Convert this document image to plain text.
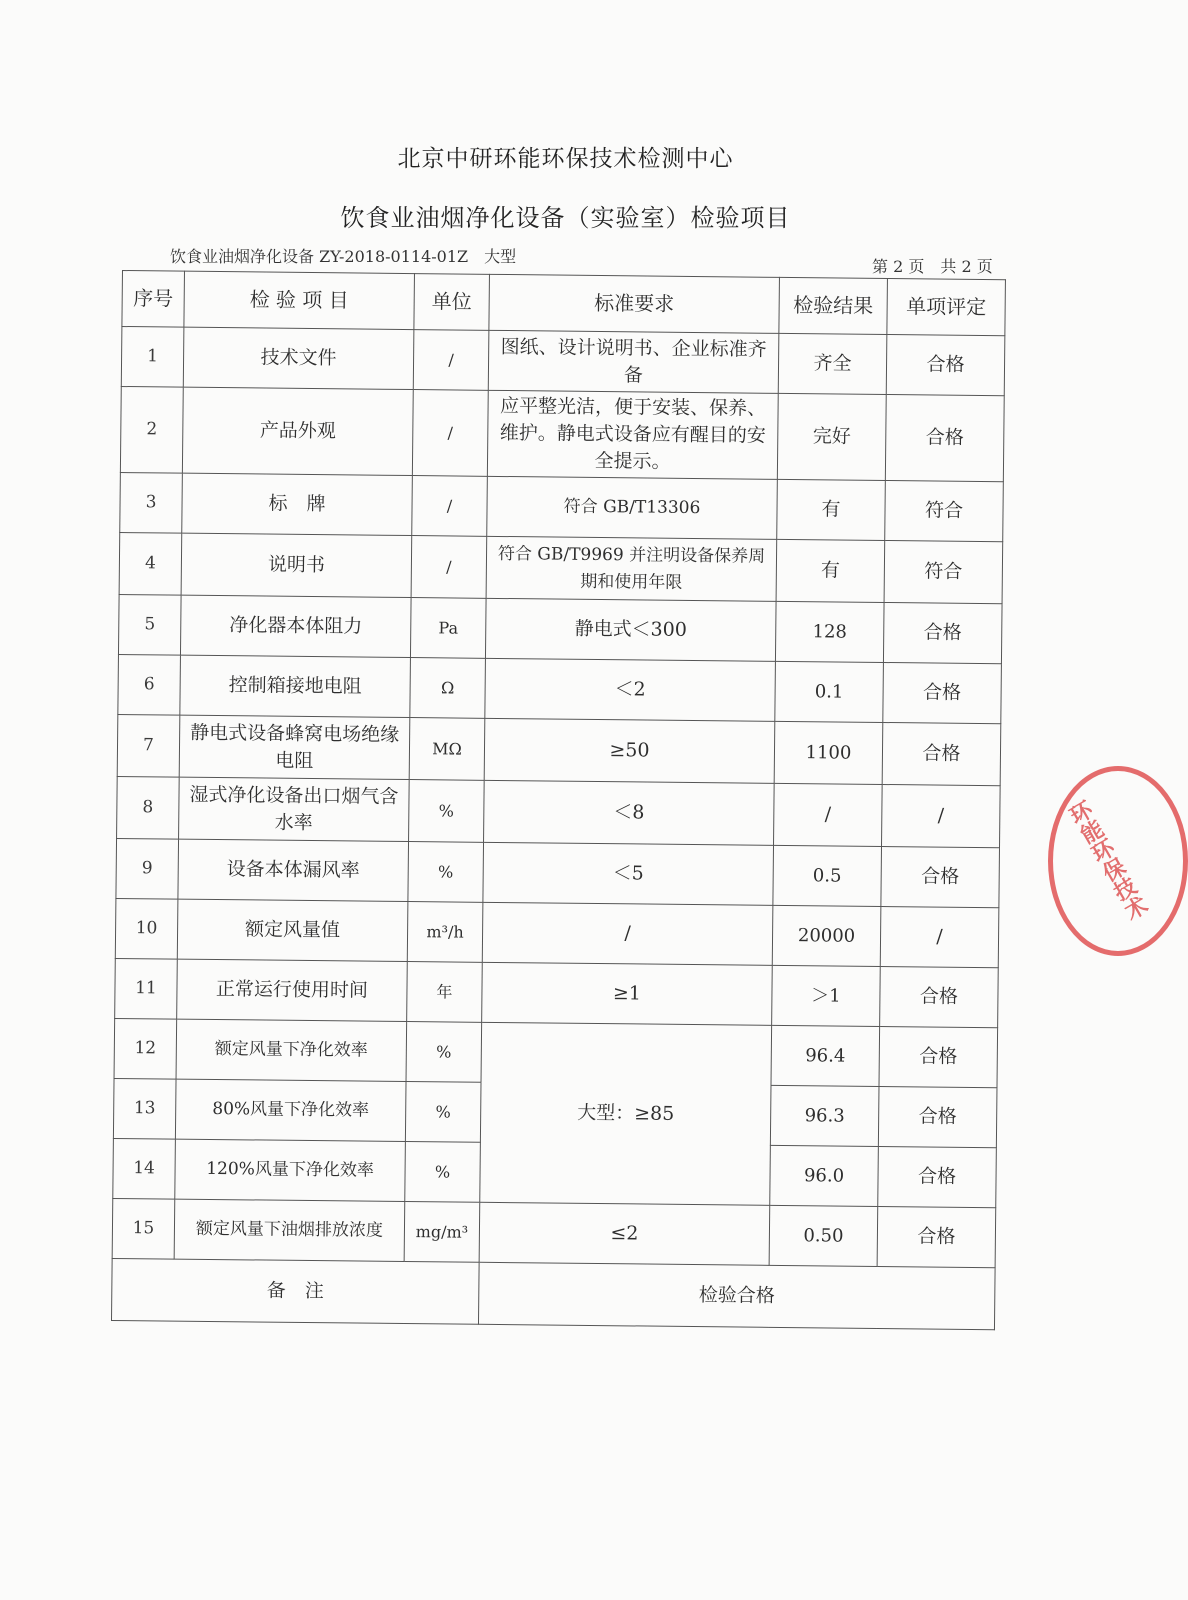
北京中研环能环保技术检测中心
饮食业油烟净化设备（实验室）检验项目
饮食业油烟净化设备 ZY-2018-0114-01Z　大型
第 2 页　共 2 页
序号	检 验 项 目	单位	标准要求	检验结果	单项评定
1	技术文件	/	图纸、设计说明书、企业标准齐备	齐全	合格
2	产品外观	/	应平整光洁，便于安装、保养、维护。静电式设备应有醒目的安全提示。	完好	合格
3	标　牌	/	符合 GB/T13306	有	符合
4	说明书	/	符合 GB/T9969 并注明设备保养周期和使用年限	有	符合
5	净化器本体阻力	Pa	静电式＜300	128	合格
6	控制箱接地电阻	Ω	＜2	0.1	合格
7	静电式设备蜂窝电场绝缘电阻	MΩ	≥50	1100	合格
8	湿式净化设备出口烟气含水率	%	＜8	/	/
9	设备本体漏风率	%	＜5	0.5	合格
10	额定风量值	m³/h	/	20000	/
11	正常运行使用时间	年	≥1	＞1	合格
12	额定风量下净化效率	%	大型：≥85	96.4	合格
13	80%风量下净化效率	%		96.3	合格
14	120%风量下净化效率	%		96.0	合格
15	额定风量下油烟排放浓度	mg/m³	≤2	0.50	合格
备　注			检验合格		
环能环保技术
